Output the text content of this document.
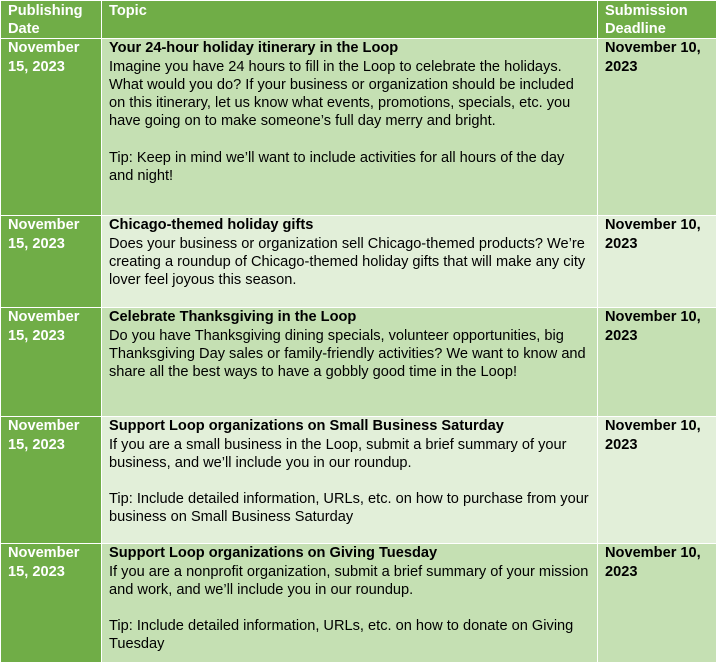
Publishing Date	Topic	Submission Deadline
November 15, 2023	Your 24-hour holiday itinerary in the Loop
Imagine you have 24 hours to fill in the Loop to celebrate the holidays. What would you do? If your business or organization should be included on this itinerary, let us know what events, promotions, specials, etc. you have going on to make someone’s full day merry and bright.
Tip: Keep in mind we’ll want to include activities for all hours of the day and night!	November 10, 2023
November 15, 2023	Chicago-themed holiday gifts
Does your business or organization sell Chicago-themed products? We’re creating a roundup of Chicago-themed holiday gifts that will make any city lover feel joyous this season.	November 10, 2023
November 15, 2023	Celebrate Thanksgiving in the Loop
Do you have Thanksgiving dining specials, volunteer opportunities, big Thanksgiving Day sales or family-friendly activities? We want to know and share all the best ways to have a gobbly good time in the Loop!	November 10, 2023
November 15, 2023	Support Loop organizations on Small Business Saturday
If you are a small business in the Loop, submit a brief summary of your business, and we’ll include you in our roundup.
Tip: Include detailed information, URLs, etc. on how to purchase from your business on Small Business Saturday	November 10, 2023
November 15, 2023	Support Loop organizations on Giving Tuesday
If you are a nonprofit organization, submit a brief summary of your mission and work, and we’ll include you in our roundup.
Tip: Include detailed information, URLs, etc. on how to donate on Giving Tuesday	November 10, 2023
